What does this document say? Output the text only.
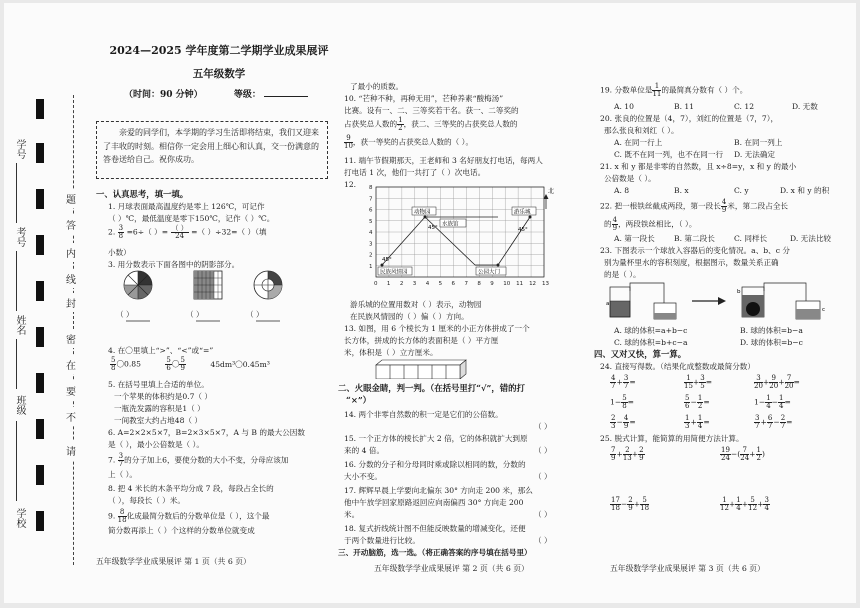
学号
考号
姓名
班级
学校
请
不
要
在
密
封
线
内
答
题
2024—2025 学年度第二学期学业成果展评
五年级数学
（时间：90 分钟）	等级：
亲爱的同学们，本学期的学习生活即将结束，我们又迎来了丰收的时刻。相信你一定会用上细心和认真，交一份满意的答卷送给自己。祝你成功。
一、认真思考，填一填。
1. 月球表面最高温度约是零上 126℃，可记作
（ ）℃，最低温度是零下150℃，记作（ ）℃。
2. $\frac{3}{8} =6\div$（ ）= $\frac{( )}{24}$ =（ ）÷32=（ ）（填
小数）
3. 用分数表示下面各图中的阴影部分。
（ ）	（ ）	（ ）
4. 在〇里填上“>”、“<”或“=”
$\frac{5}{8}$ 〇0.85	$\frac{5}{6}$ 〇 $\frac{5}{9}$	45dm³〇0.45m³
5. 在括号里填上合适的单位。
一个苹果的体积约是0.7（ ）
一瓶洗发露的容积是1（ ）
一间教室大约占地48（ ）
6. A=2×2×5×7，B=2×3×5×7，A 与 B 的最大公因数
是（ ），最小公倍数是（ ）。
7. $\frac{3}{7}$ 的分子加上6，要使分数的大小不变，分母应该加
上（ ）。
8. 把 4 米长的木条平均分成 7 段，每段占全长的
（ ），每段长（ ）米。
9. $\frac{8}{18}$ 化成最简分数后的分数单位是（ ），这个最
简分数再添上（ ）个这样的分数单位就变成
五年级数学学业成果展评 第 1 页（共 6 页）
了最小的质数。
10. “芒种不种，再种无用”，芒种养素“酸梅汤”
比赛。设有一、二、三等奖若干名。获一、二等奖的
占获奖总人数的 $\frac{1}{2}$ ，获二、三等奖的占获奖总人数的
$\frac{9}{10}$ ，获一等奖的占获奖总人数的（ ）。
11. 端午节假期那天，王老师和 3 名好朋友打电话，每两人
打电话 1 次，他们一共打了（ ）次电话。
12.
0 1 2 3 4 5 6 7 8 9 10 11 12 13
1
2
3
4
5
6
7
8
45°
45°	45°
动物园
水族馆
游乐城
民族风情园	公园大门
北
游乐城的位置用数对（ ）表示，动物园
在民族风情园的（ ）偏（ ）方向。
13. 如图，用 6 个棱长为 1 厘米的小正方体拼成了一个
长方体，拼成的长方体的表面积是（ ）平方厘
米，体积是（ ）立方厘米。
二、火眼金睛，判一判。（在括号里打“√”，错的打
“×”）
14. 两个非零自然数的积一定是它们的公倍数。
（ ）
15. 一个正方体的棱长扩大 2 倍，它的体积就扩大到原
来的 4 倍。	（ ）
16. 分数的分子和分母同时乘或除以相同的数，分数的
大小不变。	（ ）
17. 辉辉早晨上学要向北偏东 30° 方向走 200 米，那么
他中午放学回家原路返回应向南偏西 30° 方向走 200
米。	（ ）
18. 复式折线统计图不但能反映数量的增减变化，还便
于两个数量进行比较。	（ ）
三、开动脑筋，选一选。（将正确答案的序号填在括号里）
五年级数学学业成果展评 第 2 页（共 6 页）
19. 分数单位是 $\frac{1}{11}$ 的最简真分数有（ ）个。
A. 10	B. 11	C. 12	D. 无数
20. 张良的位置是（4，7），刘红的位置是（7，7），
那么张良和刘红（ ）。
A. 在同一行上	B. 在同一列上
C. 既不在同一列，也不在同一行 D. 无法确定
21. x 和 y 都是非零的自然数，且 x÷8=y，x 和 y 的最小
公倍数是（ ）。
A. 8	B. x	C. y	D. x 和 y 的积
22. 把一根铁丝截成两段，第一段长 $\frac{4}{9}$ 米，第二段占全长
的 $\frac{4}{9}$ ，两段铁丝相比，（ ）。
A. 第一段长	B. 第二段长	C. 同样长	D. 无法比较
23. 下图表示一个球放入容器后的变化情况。a、b、c 分
别为量杯里水的容积刻度，根据图示，数量关系正确
的是（ ）。
a
b
c
A. 球的体积=a+b−c	B. 球的体积=b−a
C. 球的体积=b+c−a	D. 球的体积=b−c
四、又对又快，算一算。
24. 直接写得数。（结果化成整数或最简分数）
$\frac{4}{7} + \frac{3}{7}$ =	$\frac{1}{15} + \frac{3}{5}$ =	$\frac{3}{20} + \frac{9}{20} + \frac{7}{20}$ =
$1- \frac{5}{8}$ =	$\frac{5}{6} - \frac{1}{2}$ =	$1- \frac{1}{4} - \frac{1}{4}$ =
$\frac{2}{3} - \frac{4}{9}$ =	$\frac{1}{3} + \frac{1}{4}$ =	$\frac{3}{7} + \frac{6}{7} - \frac{2}{7}$ =
25. 脱式计算，能简算的用简便方法计算。
$\frac{7}{9} + \frac{2}{13} + \frac{2}{9}$	$\frac{19}{24}$ −( $\frac{7}{24} + \frac{1}{2}$ )
$\frac{17}{18} - \frac{2}{9} + \frac{5}{18}$	$\frac{1}{12} + \frac{1}{4} + \frac{5}{12} + \frac{3}{4}$
五年级数学学业成果展评 第 3 页（共 6 页）
